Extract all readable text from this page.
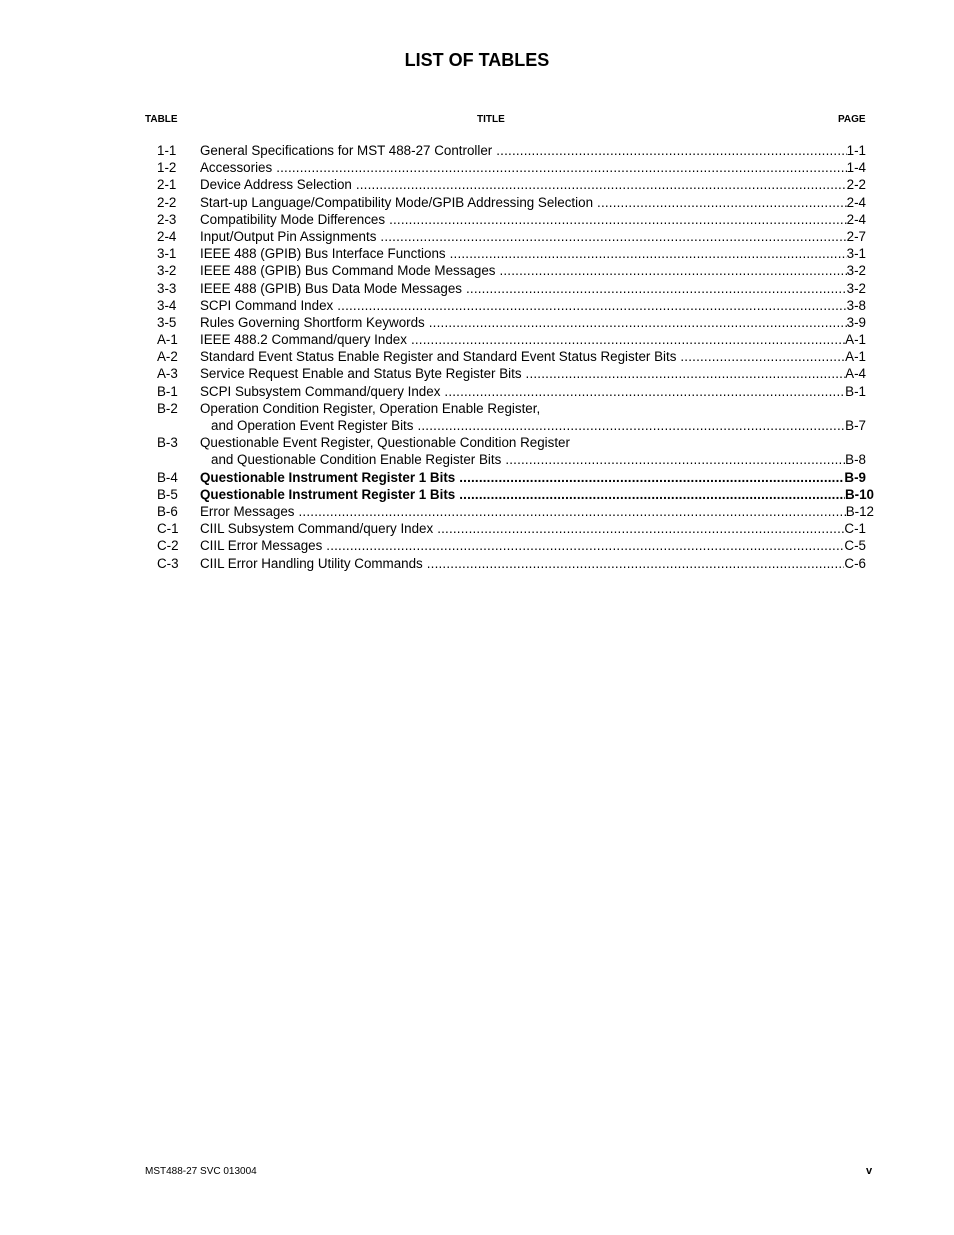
LIST OF TABLES
TABLE	TITLE	PAGE
1-1 General Specifications for MST 488-27 Controller .....	1-1
1-2 Accessories .....	1-4
2-1 Device Address Selection .....	2-2
2-2 Start-up Language/Compatibility Mode/GPIB Addressing Selection .....	2-4
2-3 Compatibility Mode Differences .....	2-4
2-4 Input/Output Pin Assignments .....	2-7
3-1 IEEE 488 (GPIB) Bus Interface Functions .....	3-1
3-2 IEEE 488 (GPIB) Bus Command Mode Messages .....	3-2
3-3 IEEE 488 (GPIB) Bus Data Mode Messages .....	3-2
3-4 SCPI Command Index .....	3-8
3-5 Rules Governing Shortform Keywords .....	3-9
A-1 IEEE 488.2 Command/query Index .....	A-1
A-2 Standard Event Status Enable Register and Standard Event Status Register Bits .....	A-1
A-3 Service Request Enable and Status Byte Register Bits .....	A-4
B-1 SCPI Subsystem Command/query Index .....	B-1
B-2 Operation Condition Register, Operation Enable Register,
and Operation Event Register Bits .....	B-7
B-3 Questionable Event Register, Questionable Condition Register
and Questionable Condition Enable Register Bits .....	B-8
B-4 Questionable Instrument Register 1 Bits .....	B-9
B-5 Questionable Instrument Register 1 Bits .....	B-10
B-6 Error Messages .....	B-12
C-1 CIIL Subsystem Command/query Index .....	C-1
C-2 CIIL Error Messages .....	C-5
C-3 CIIL Error Handling Utility Commands .....	C-6
MST488-27 SVC 013004	v
